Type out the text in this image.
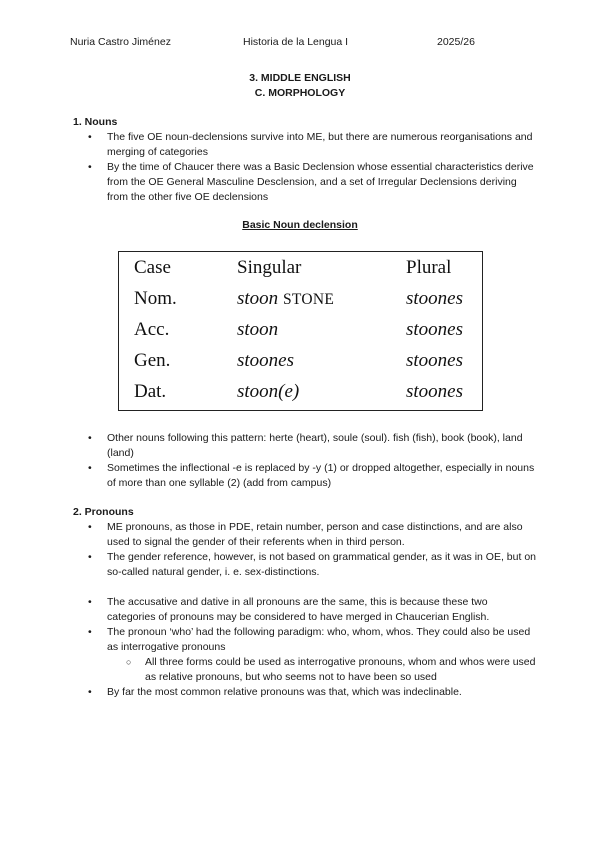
Nuria Castro Jiménez	Historia de la Lengua I	2025/26
3. MIDDLE ENGLISH
C. MORPHOLOGY
1. Nouns
• The five OE noun-declensions survive into ME, but there are numerous reorganisations and merging of categories
• By the time of Chaucer there was a Basic Declension whose essential characteristics derive from the OE General Masculine Desclension, and a set of Irregular Declensions deriving from the other five OE declensions
Basic Noun declension
Case	Singular	Plural
Nom.	stoon STONE	stoones
Acc.	stoon	stoones
Gen.	stoones	stoones
Dat.	stoon(e)	stoones
• Other nouns following this pattern: herte (heart), soule (soul). fish (fish), book (book), land (land)
• Sometimes the inflectional -e is replaced by -y (1) or dropped altogether, especially in nouns of more than one syllable (2) (add from campus)
2. Pronouns
• ME pronouns, as those in PDE, retain number, person and case distinctions, and are also used to signal the gender of their referents when in third person.
• The gender reference, however, is not based on grammatical gender, as it was in OE, but on so-called natural gender, i. e. sex-distinctions.
• The accusative and dative in all pronouns are the same, this is because these two categories of pronouns may be considered to have merged in Chaucerian English.
• The pronoun ‘who’ had the following paradigm: who, whom, whos. They could also be used as interrogative pronouns
○ All three forms could be used as interrogative pronouns, whom and whos were used as relative pronouns, but who seems not to have been so used
• By far the most common relative pronouns was that, which was indeclinable.
